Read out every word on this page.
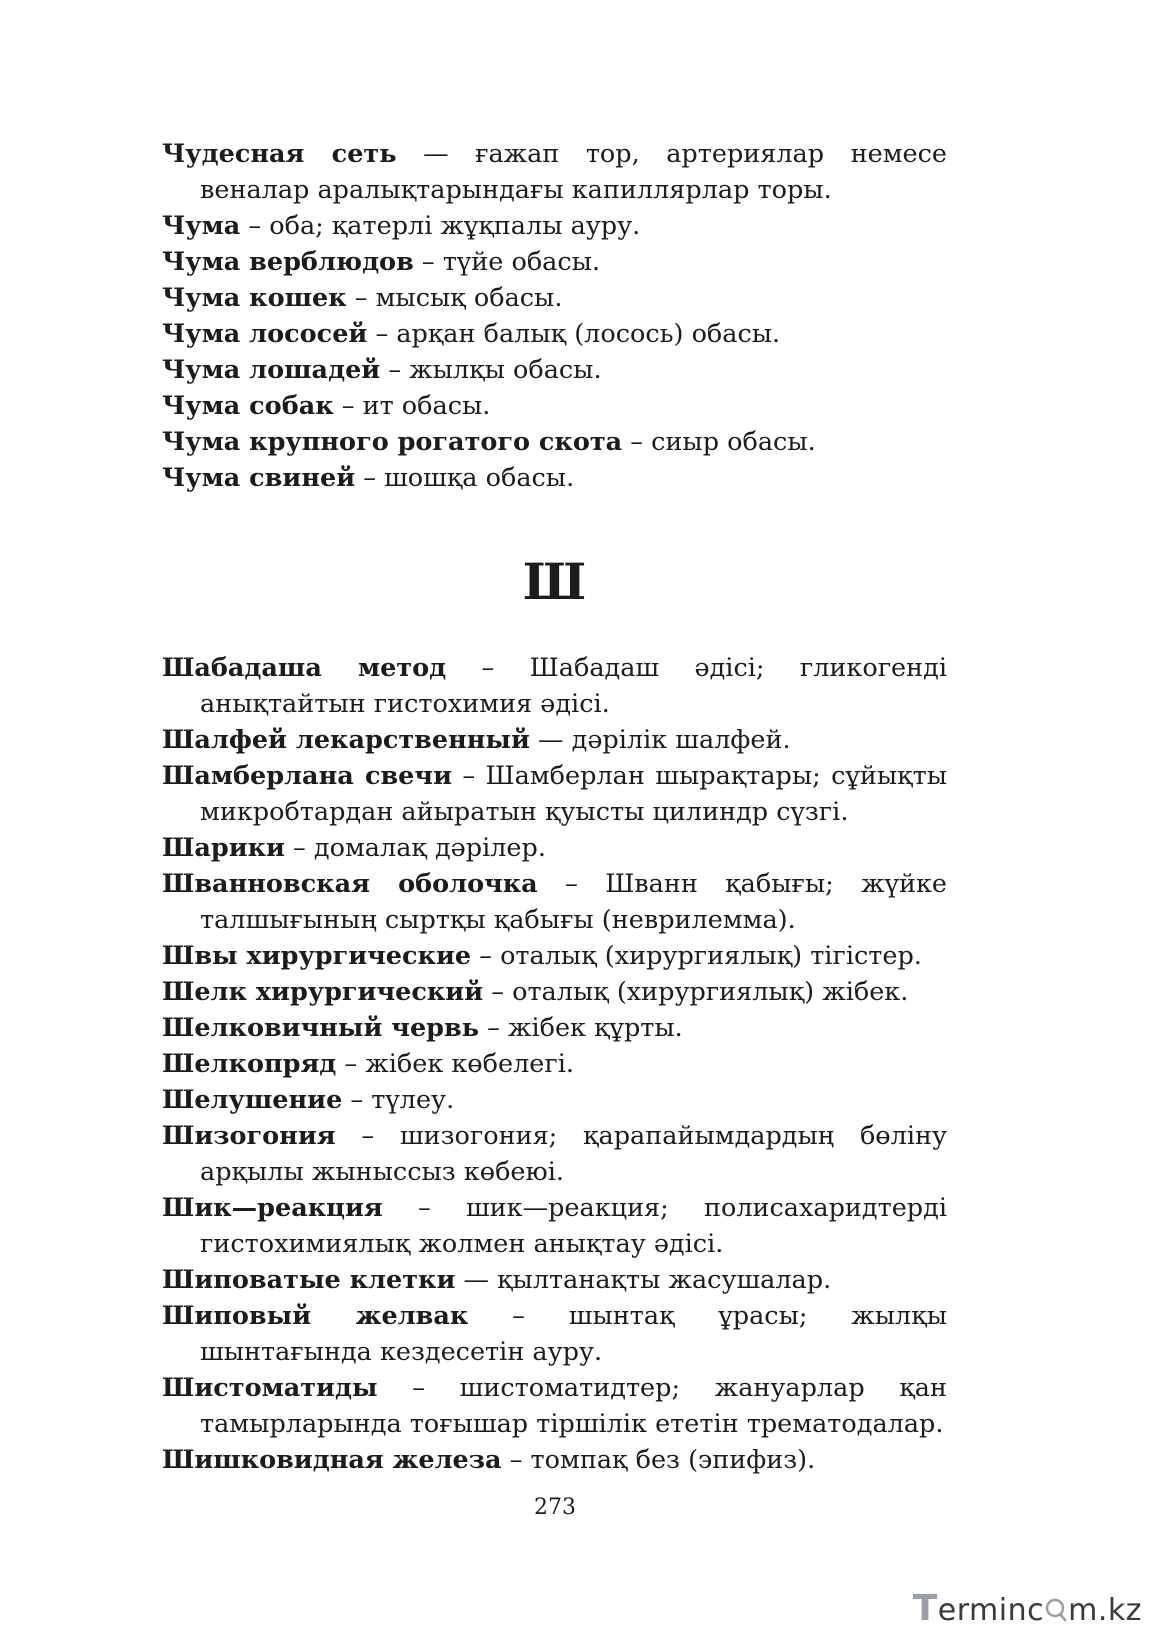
Чудесная сеть — ғажап тор, артериялар немесе веналар аралықтарындағы капиллярлар торы.

Чума – оба; қатерлі жұқпалы ауру.

Чума верблюдов – түйе обасы.

Чума кошек – мысық обасы.

Чума лососей – арқан балық (лосось) обасы.

Чума лошадей – жылқы обасы.

Чума собак – ит обасы.

Чума крупного рогатого скота – сиыр обасы.

Чума свиней – шошқа обасы.

Ш

Шабадаша метод – Шабадаш әдісі; гликогенді анықтайтын гистохимия әдісі.

Шалфей лекарственный — дәрілік шалфей.

Шамберлана свечи – Шамберлан шырақтары; сұйықты микробтардан айыратын қуысты цилиндр сүзгі.

Шарики – домалақ дәрілер.

Шванновская оболочка – Шванн қабығы; жүйке талшығының сыртқы қабығы (неврилемма).

Швы хирургические – оталық (хирургиялық) тігістер.

Шелк хирургический – оталық (хирургиялық) жібек.

Шелковичный червь – жібек құрты.

Шелкопряд – жібек көбелегі.

Шелушение – түлеу.

Шизогония – шизогония; қарапайымдардың бөліну арқылы жыныссыз көбеюі.

Шик—реакция – шик—реакция; полисахаридтерді гистохимиялық жолмен анықтау әдісі.

Шиповатые клетки — қылтанақты жасушалар.

Шиповый желвак – шынтақ ұрасы; жылқы шынтағында кездесетін ауру.

Шистоматиды – шистоматидтер; жануарлар қан тамырларында тоғышар тіршілік ететін трематодалар.

Шишковидная железа – томпақ без (эпифиз).

273
Terminc m.kz
